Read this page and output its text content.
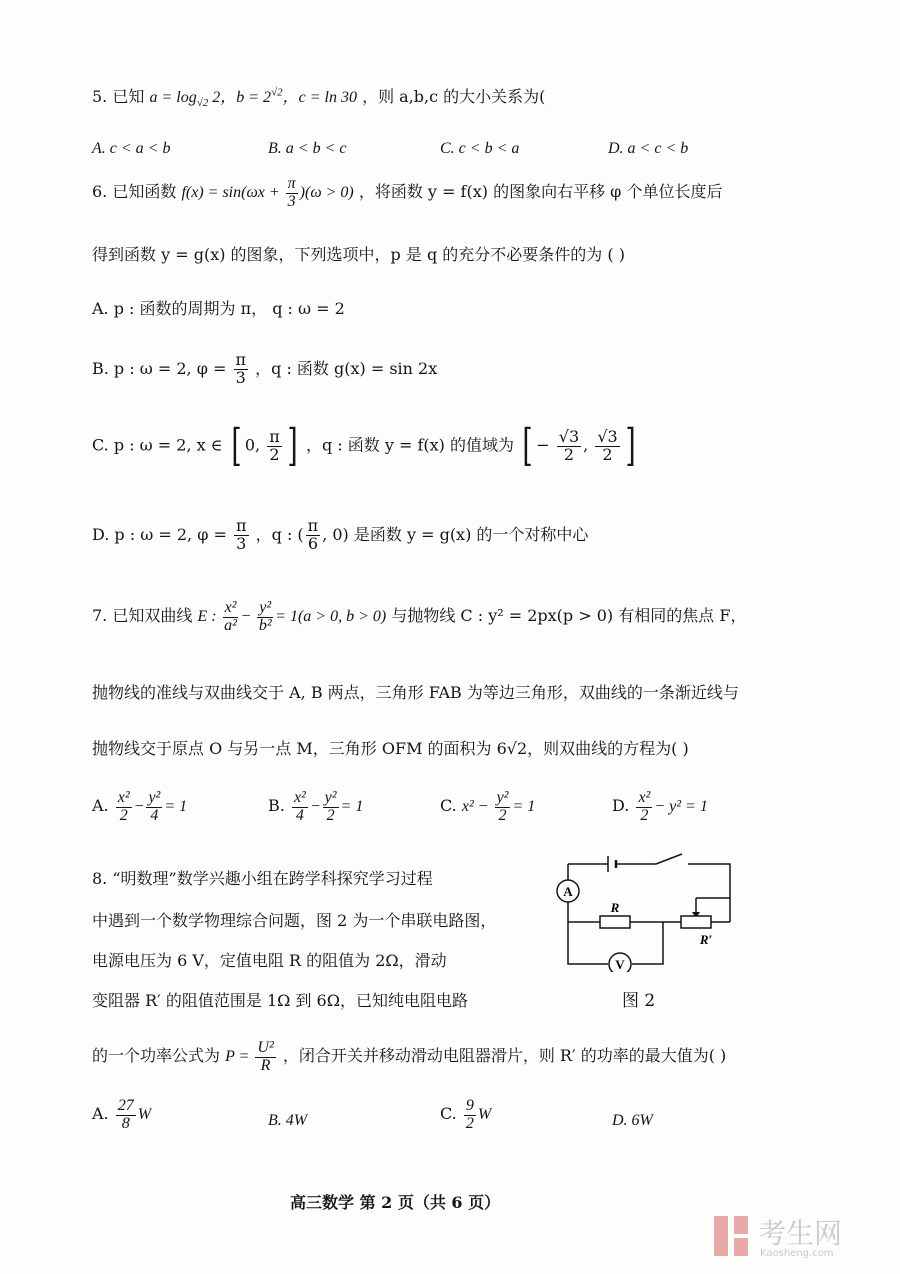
5. 已知 $a = \log_{√2} 2$，$b = 2^{√2}$，c = ln 30 ，则 a,b,c 的大小关系为(
A. c < a < b	B. a < b < c	C. c < b < a	D. a < c < b
6. 已知函数 $f(x) = \sin(\omega x + \frac{\pi}{3} )(\omega > 0)$ ，将函数 y = f(x) 的图象向右平移 φ 个单位长度后
得到函数 y = g(x) 的图象，下列选项中，p 是 q 的充分不必要条件的为 ( )
A. p : 函数的周期为 π， q : ω = 2
B. p : ω = 2, $\varphi = \frac{\pi}{3}$ ，q : 函数 g(x) = sin 2x
C. p : ω = 2, x ∈ [ 0, $\frac{\pi}{2}$ ] ，q : 函数 y = f(x) 的值域为 [ − $\frac{√3}{2}$ , $\frac{√3}{2}$ ]
D. p : ω = 2, $\varphi = \frac{\pi}{3}$ ，q : ( $\frac{\pi}{6}$ , 0) 是函数 y = g(x) 的一个对称中心
7. 已知双曲线 E : $\frac{\text{x²}}{\text{a²}} - \frac{\text{y²}}{\text{b²}} = 1(a > 0$, b > 0) 与抛物线 C : y² = 2px(p > 0) 有相同的焦点 F，
抛物线的准线与双曲线交于 A, B 两点，三角形 FAB 为等边三角形，双曲线的一条渐近线与
抛物线交于原点 O 与另一点 M，三角形 OFM 的面积为 6√2，则双曲线的方程为( )
A. $\frac{\text{x²}}{2} - \frac{\text{y²}}{4} = 1$	B. $\frac{\text{x²}}{4} - \frac{\text{y²}}{2} = 1$	C. $x^2 - \frac{\text{y²}}{2} = 1$	D. $\frac{\text{x²}}{2} - y^2 = 1$
8. “明数理”数学兴趣小组在跨学科探究学习过程
中遇到一个数学物理综合问题，图 2 为一个串联电路图，
电源电压为 6 V，定值电阻 R 的阻值为 2Ω，滑动
变阻器 R′ 的阻值范围是 1Ω 到 6Ω，已知纯电阻电路
的一个功率公式为 $P = \frac{\text{U²}}{R}$ ，闭合开关并移动滑动电阻器滑片，则 R′ 的功率的最大值为( )
A
V
R
R′
图 2
A. $\frac{27}{8}$ W	B. 4W	C. $\frac{9}{2}$ W	D. 6W
高三数学 第 2 页（共 6 页）
考生网
Kaosheng.com
